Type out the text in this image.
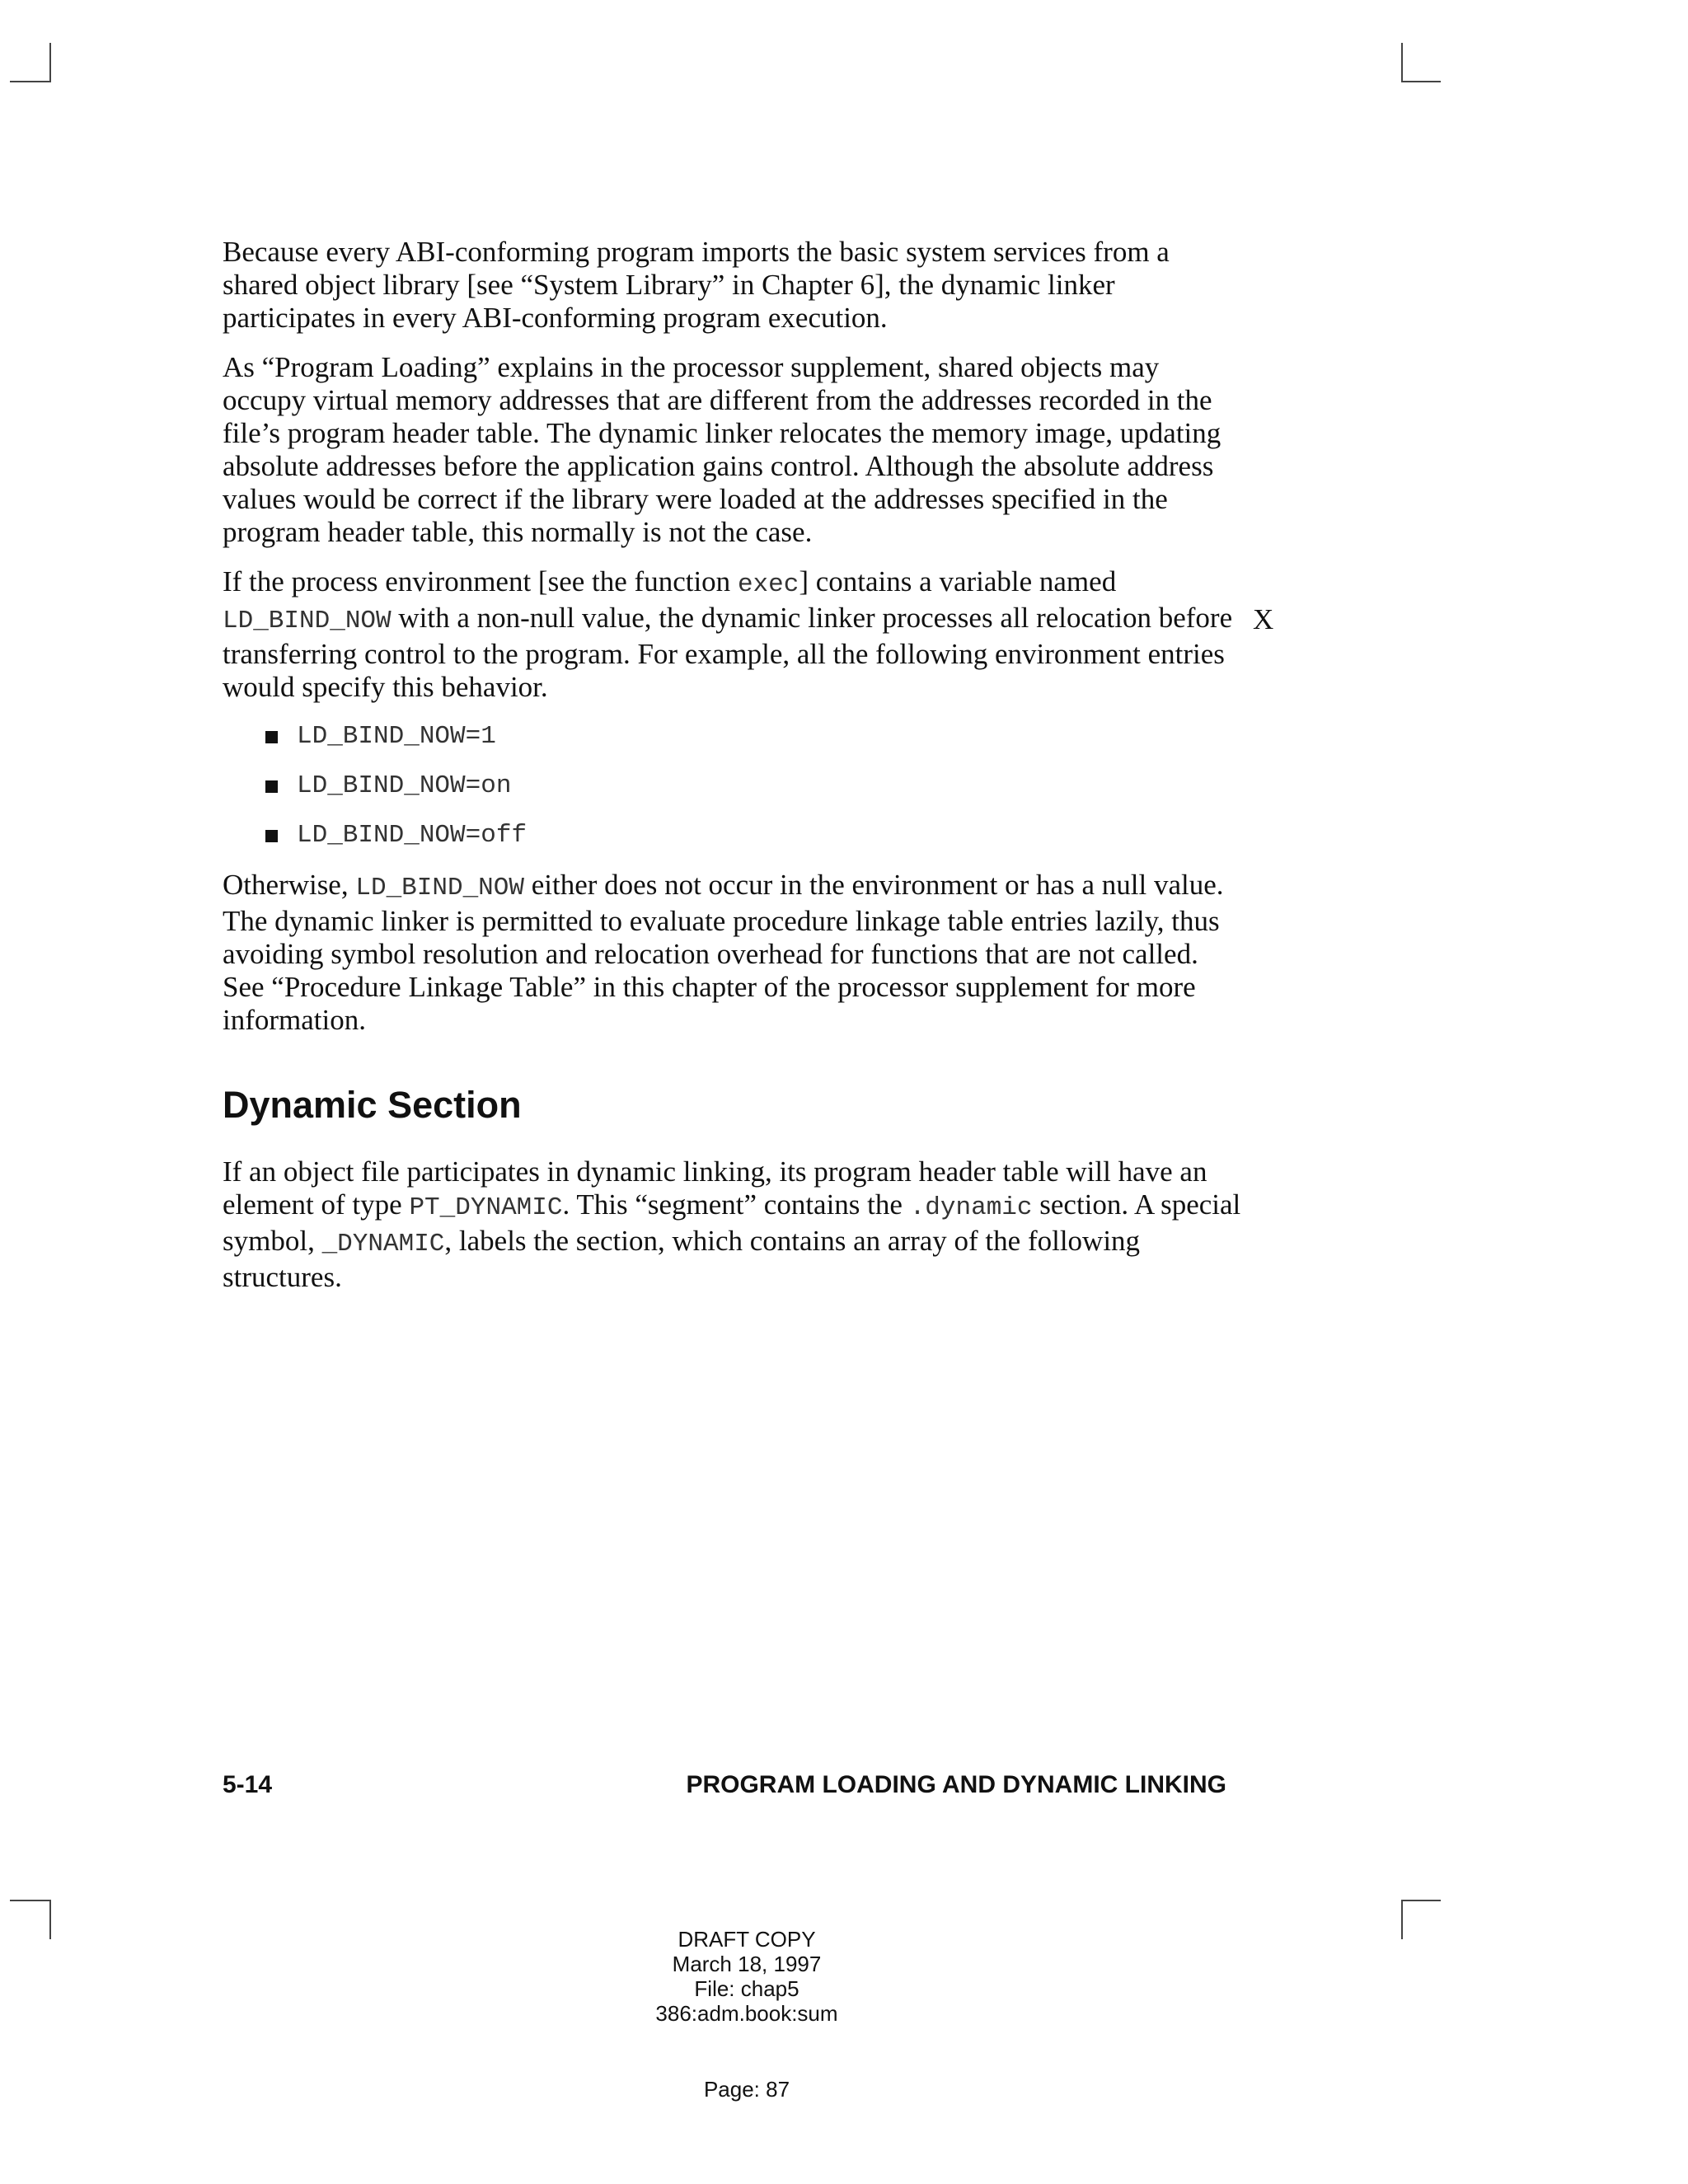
Because every ABI-conforming program imports the basic system services from a shared object library [see “System Library” in Chapter 6], the dynamic linker participates in every ABI-conforming program execution.

As “Program Loading” explains in the processor supplement, shared objects may occupy virtual memory addresses that are different from the addresses recorded in the file’s program header table. The dynamic linker relocates the memory image, updating absolute addresses before the application gains control. Although the absolute address values would be correct if the library were loaded at the addresses specified in the program header table, this normally is not the case.

If the process environment [see the function exec] contains a variable named LD_BIND_NOW with a non-null value, the dynamic linker processes all relocation before transferring control to the program. For example, all the following environment entries would specify this behavior.

LD_BIND_NOW=1
LD_BIND_NOW=on
LD_BIND_NOW=off

Otherwise, LD_BIND_NOW either does not occur in the environment or has a null value. The dynamic linker is permitted to evaluate procedure linkage table entries lazily, thus avoiding symbol resolution and relocation overhead for functions that are not called. See “Procedure Linkage Table” in this chapter of the processor supplement for more information.

Dynamic Section

If an object file participates in dynamic linking, its program header table will have an element of type PT_DYNAMIC. This “segment” contains the .dynamic section. A special symbol, _DYNAMIC, labels the section, which contains an array of the following structures.

X
5-14	PROGRAM LOADING AND DYNAMIC LINKING
DRAFT COPY
March 18, 1997
File: chap5
386:adm.book:sum
Page: 87
